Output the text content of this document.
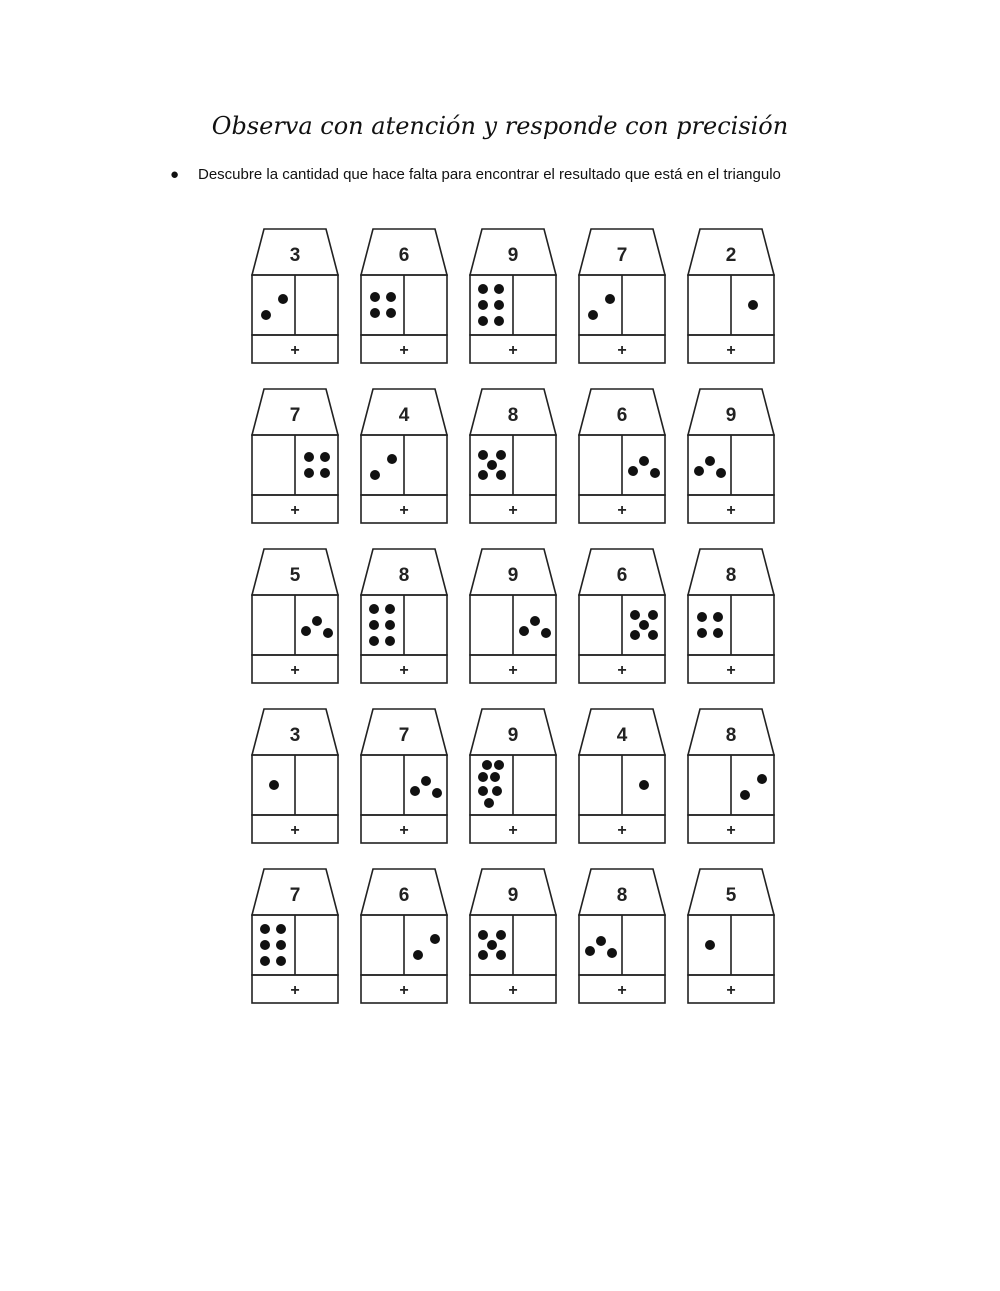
Observa con atención y responde con precisión
● Descubre la cantidad que hace falta para encontrar el resultado que está en el triangulo
3
+
6
+
9
+
7
+
2
+
7
+
4
+
8
+
6
+
9
+
5
+
8
+
9
+
6
+
8
+
3
+
7
+
9
+
4
+
8
+
7
+
6
+
9
+
8
+
5
+
